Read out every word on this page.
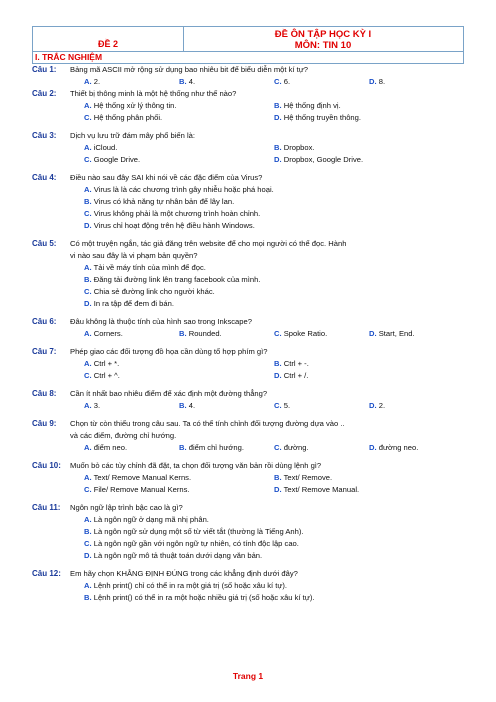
ĐỀ 2
ĐỀ ÔN TẬP HỌC KỲ I
MÔN: TIN 10
I. TRẮC NGHIỆM
Câu 1: Bảng mã ASCII mở rộng sử dụng bao nhiêu bit để biểu diễn một kí tự?
A. 2.	B. 4.	C. 6.	D. 8.
Câu 2: Thiết bị thông minh là một hệ thống như thế nào?
A. Hệ thống xử lý thông tin.	B. Hệ thống định vị.
C. Hệ thống phân phối.	D. Hệ thống truyền thông.
Câu 3: Dịch vụ lưu trữ đám mây phổ biến là:
A. iCloud.	B. Dropbox.
C. Google Drive.	D. Dropbox, Google Drive.
Câu 4: Điều nào sau đây SAI khi nói về các đặc điểm của Virus?
A. Virus là là các chương trình gây nhiễu hoặc phá hoại.
B. Virus có khả năng tự nhân bản để lây lan.
C. Virus không phải là một chương trình hoàn chỉnh.
D. Virus chỉ hoạt động trên hệ điều hành Windows.
Câu 5: Có một truyện ngắn, tác giả đăng trên website để cho mọi người có thể đọc. Hành
vi nào sau đây là vi phạm bản quyền?
A. Tải về máy tính của mình để đọc.
B. Đăng tải đường link lên trang facebook của mình.
C. Chia sẻ đường link cho người khác.
D. In ra tập để đem đi bán.
Câu 6: Đâu không là thuộc tính của hình sao trong Inkscape?
A. Corners.	B. Rounded.	C. Spoke Ratio.	D. Start, End.
Câu 7: Phép giao các đối tượng đồ họa cần dùng tổ hợp phím gì?
A. Ctrl + *.	B. Ctrl + -.
C. Ctrl + ^.	D. Ctrl + /.
Câu 8: Cần ít nhất bao nhiêu điểm để xác định một đường thẳng?
A. 3.	B. 4.	C. 5.	D. 2.
Câu 9: Chọn từ còn thiếu trong câu sau. Ta có thể tính chỉnh đối tượng đường dựa vào ..
và các điểm, đường chỉ hướng.
A. điểm neo.	B. điểm chỉ hướng.	C. đường.	D. đường neo.
Câu 10: Muốn bỏ các tùy chỉnh đã đặt, ta chọn đối tượng văn bản rồi dùng lệnh gì?
A. Text/ Remove Manual Kerns.	B. Text/ Remove.
C. File/ Remove Manual Kerns.	D. Text/ Remove Manual.
Câu 11: Ngôn ngữ lập trình bậc cao là gì?
A. Là ngôn ngữ ở dạng mã nhị phân.
B. Là ngôn ngữ sử dụng một số từ viết tắt (thường là Tiếng Anh).
C. Là ngôn ngữ gần với ngôn ngữ tự nhiên, có tính độc lập cao.
D. Là ngôn ngữ mô tả thuật toán dưới dạng văn bản.
Câu 12: Em hãy chọn KHẲNG ĐỊNH ĐÚNG trong các khẳng định dưới đây?
A. Lệnh print() chỉ có thể in ra một giá trị (số hoặc xâu kí tự).
B. Lệnh print() có thể in ra một hoặc nhiều giá trị (số hoặc xâu kí tự).
Trang 1
